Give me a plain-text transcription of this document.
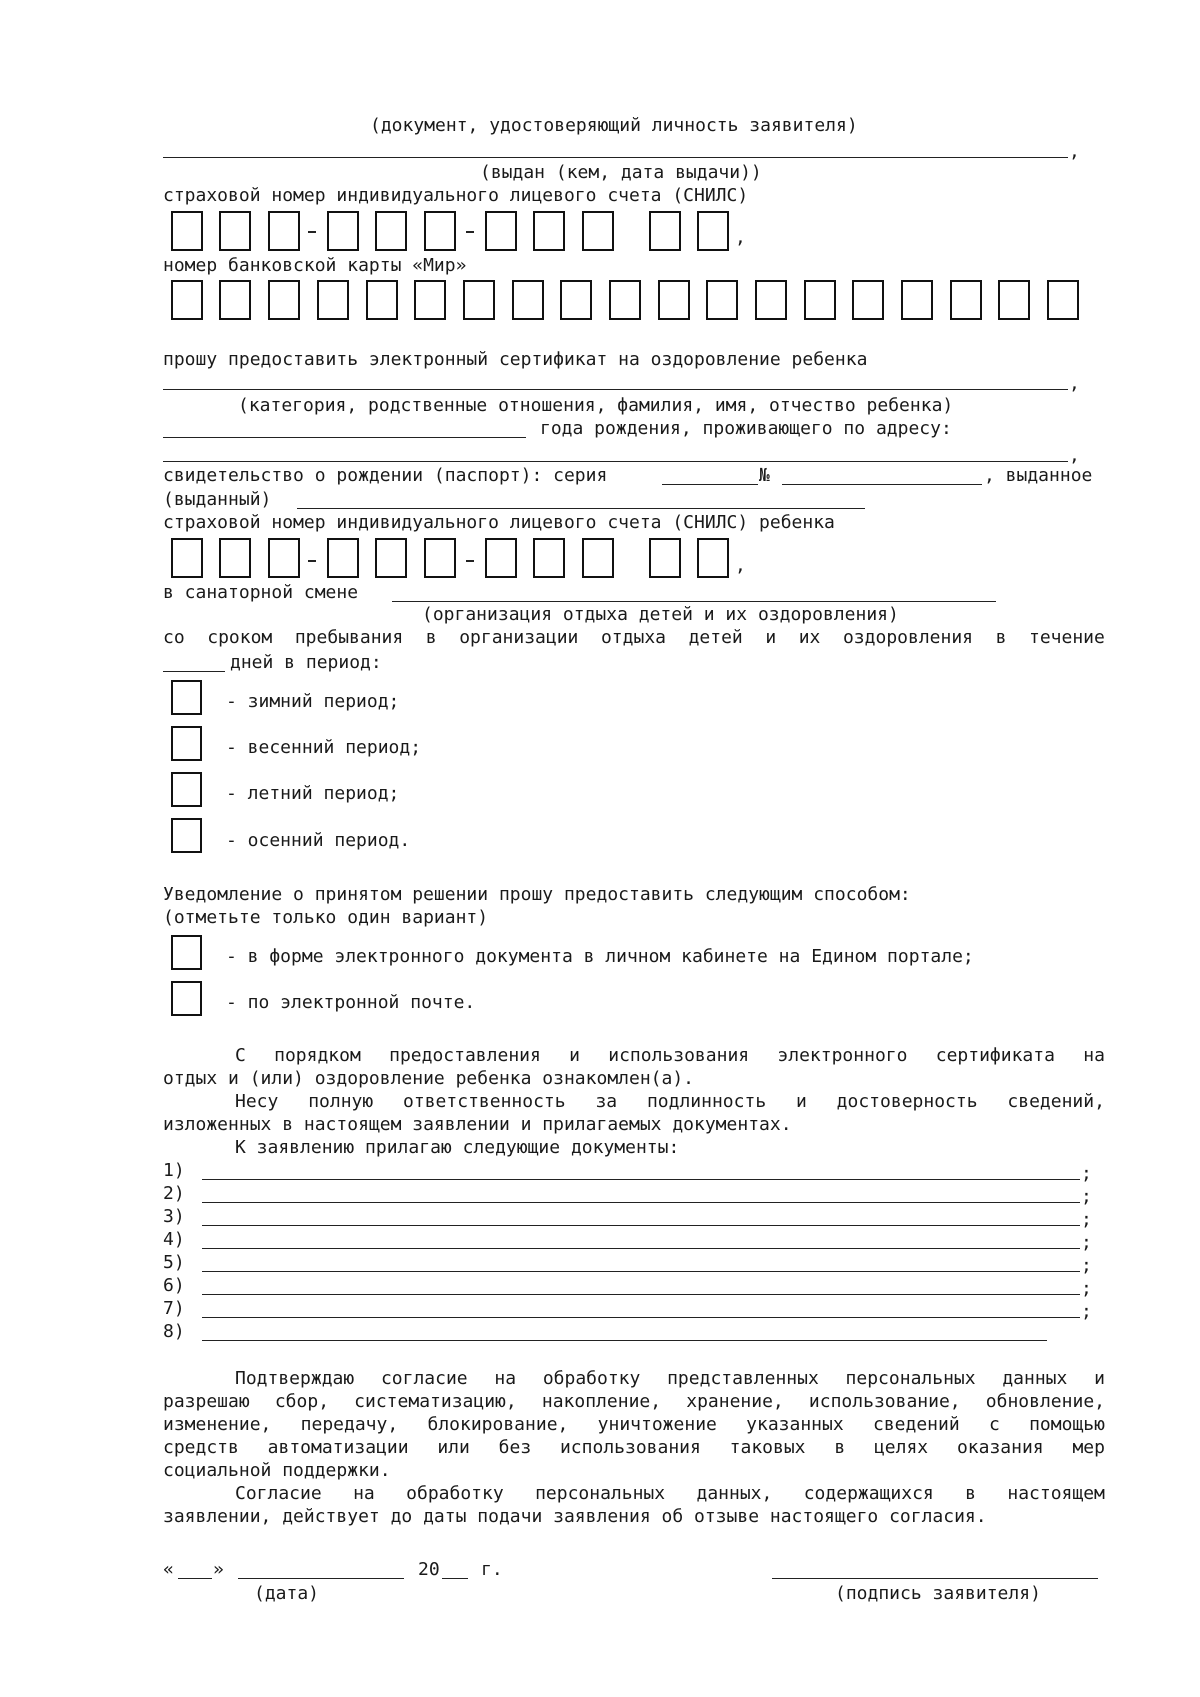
(документ, удостоверяющий личность заявителя)
,
(выдан (кем, дата выдачи))
страховой номер индивидуального лицевого счета (СНИЛС)
,
номер банковской карты «Мир»
прошу предоставить электронный сертификат на оздоровление ребенка
,
(категория, родственные отношения, фамилия, имя, отчество ребенка)
года рождения, проживающего по адресу:
,
свидетельство о рождении (паспорт): серия	№	, выданное
(выданный)
страховой номер индивидуального лицевого счета (СНИЛС) ребенка
,
в санаторной смене
(организация отдыха детей и их оздоровления)
со сроком пребывания в организации отдыха детей и их оздоровления в течение
дней в период:
- зимний период;
- весенний период;
- летний период;
- осенний период.
Уведомление о принятом решении прошу предоставить следующим способом:
(отметьте только один вариант)
- в форме электронного документа в личном кабинете на Едином портале;
- по электронной почте.
С порядком предоставления и использования электронного сертификата на
отдых и (или) оздоровление ребенка ознакомлен(а).
Несу полную ответственность за подлинность и достоверность сведений,
изложенных в настоящем заявлении и прилагаемых документах.
К заявлению прилагаю следующие документы:
1)	;
2)	;
3)	;
4)	;
5)	;
6)	;
7)	;
8)
Подтверждаю согласие на обработку представленных персональных данных и
разрешаю сбор, систематизацию, накопление, хранение, использование, обновление,
изменение, передачу, блокирование, уничтожение указанных сведений с помощью
средств автоматизации или без использования таковых в целях оказания мер
социальной поддержки.
Согласие на обработку персональных данных, содержащихся в настоящем
заявлении, действует до даты подачи заявления об отзыве настоящего согласия.
« »	20 г.
(дата)	(подпись заявителя)
